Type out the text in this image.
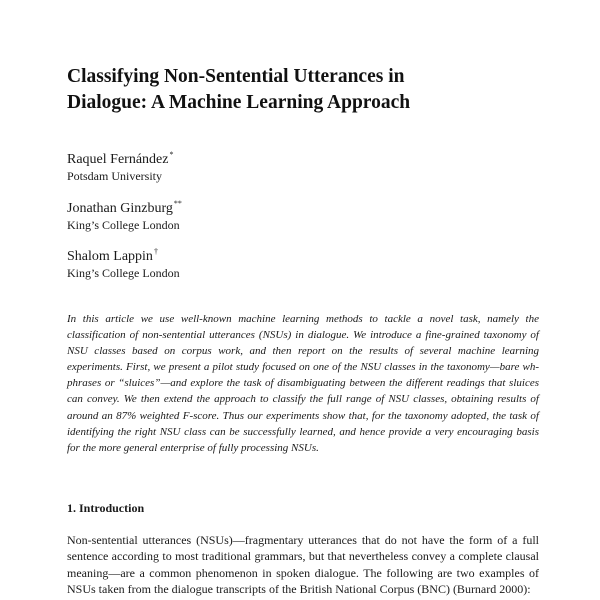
Classifying Non-Sentential Utterances in
Dialogue: A Machine Learning Approach
Raquel Fernández*
Potsdam University
Jonathan Ginzburg**
King’s College London
Shalom Lappin†
King’s College London

In this article we use well-known machine learning methods to tackle a novel task, namely the classification of non-sentential utterances (NSUs) in dialogue. We introduce a fine-grained taxonomy of NSU classes based on corpus work, and then report on the results of several machine learning experiments. First, we present a pilot study focused on one of the NSU classes in the taxonomy—bare wh-phrases or “sluices”—and explore the task of disambiguating between the different readings that sluices can convey. We then extend the approach to classify the full range of NSU classes, obtaining results of around an 87% weighted F-score. Thus our experiments show that, for the taxonomy adopted, the task of identifying the right NSU class can be successfully learned, and hence provide a very encouraging basis for the more general enterprise of fully processing NSUs.

1. Introduction

Non-sentential utterances (NSUs)—fragmentary utterances that do not have the form of a full sentence according to most traditional grammars, but that nevertheless convey a complete clausal meaning—are a common phenomenon in spoken dialogue. The following are two examples of NSUs taken from the dialogue transcripts of the British National Corpus (BNC) (Burnard 2000):
